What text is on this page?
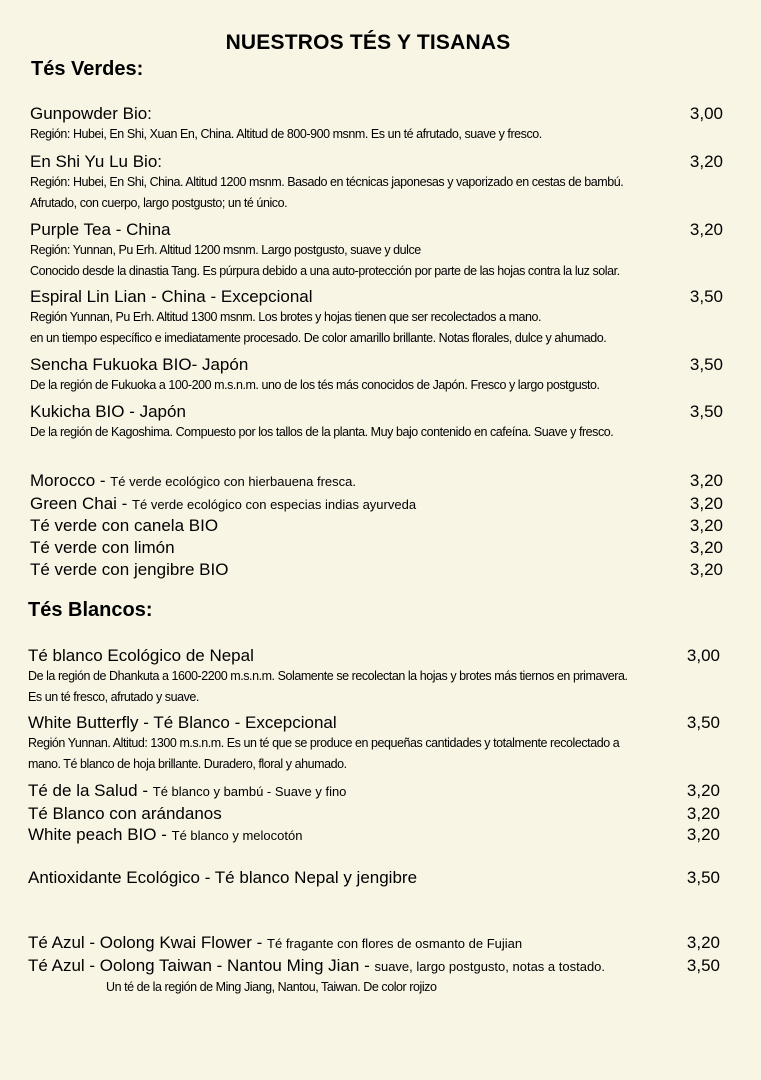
NUESTROS TÉS Y TISANAS
Tés Verdes:
Gunpowder Bio:	3,00
Región: Hubei, En Shi, Xuan En, China. Altitud de 800-900 msnm. Es un té afrutado, suave y fresco.
En Shi Yu Lu Bio:	3,20
Región: Hubei, En Shi, China. Altitud 1200 msnm. Basado en técnicas japonesas y vaporizado en cestas de bambú.
Afrutado, con cuerpo, largo postgusto; un té único.
Purple Tea - China	3,20
Región: Yunnan, Pu Erh. Altitud 1200 msnm. Largo postgusto, suave y dulce
Conocido desde la dinastia Tang. Es púrpura debido a una auto-protección por parte de las hojas contra la luz solar.
Espiral Lin Lian - China - Excepcional	3,50
Región Yunnan, Pu Erh. Altitud 1300 msnm. Los brotes y hojas tienen que ser recolectados a mano.
en un tiempo específico e imediatamente procesado. De color amarillo brillante. Notas florales, dulce y ahumado.
Sencha Fukuoka BIO- Japón	3,50
De la región de Fukuoka a 100-200 m.s.n.m. uno de los tés más conocidos de Japón. Fresco y largo postgusto.
Kukicha BIO - Japón	3,50
De la región de Kagoshima. Compuesto por los tallos de la planta. Muy bajo contenido en cafeína. Suave y fresco.
Morocco - Té verde ecológico con hierbauena fresca.	3,20
Green Chai - Té verde ecológico con especias indias ayurveda	3,20
Té verde con canela BIO	3,20
Té verde con limón	3,20
Té verde con jengibre BIO	3,20
Tés Blancos:
Té blanco Ecológico de Nepal	3,00
De la región de Dhankuta a 1600-2200 m.s.n.m. Solamente se recolectan la hojas y brotes más tiernos en primavera.
Es un té fresco, afrutado y suave.
White Butterfly - Té Blanco - Excepcional	3,50
Región Yunnan. Altitud: 1300 m.s.n.m. Es un té que se produce en pequeñas cantidades y totalmente recolectado a
mano. Té blanco de hoja brillante. Duradero, floral y ahumado.
Té de la Salud - Té blanco y bambú - Suave y fino	3,20
Té Blanco con arándanos	3,20
White peach BIO - Té blanco y melocotón	3,20
Antioxidante Ecológico - Té blanco Nepal y jengibre	3,50
Té Azul - Oolong Kwai Flower - Té fragante con flores de osmanto de Fujian	3,20
Té Azul - Oolong Taiwan - Nantou Ming Jian - suave, largo postgusto, notas a tostado.	3,50
Un té de la región de Ming Jiang, Nantou, Taiwan. De color rojizo
